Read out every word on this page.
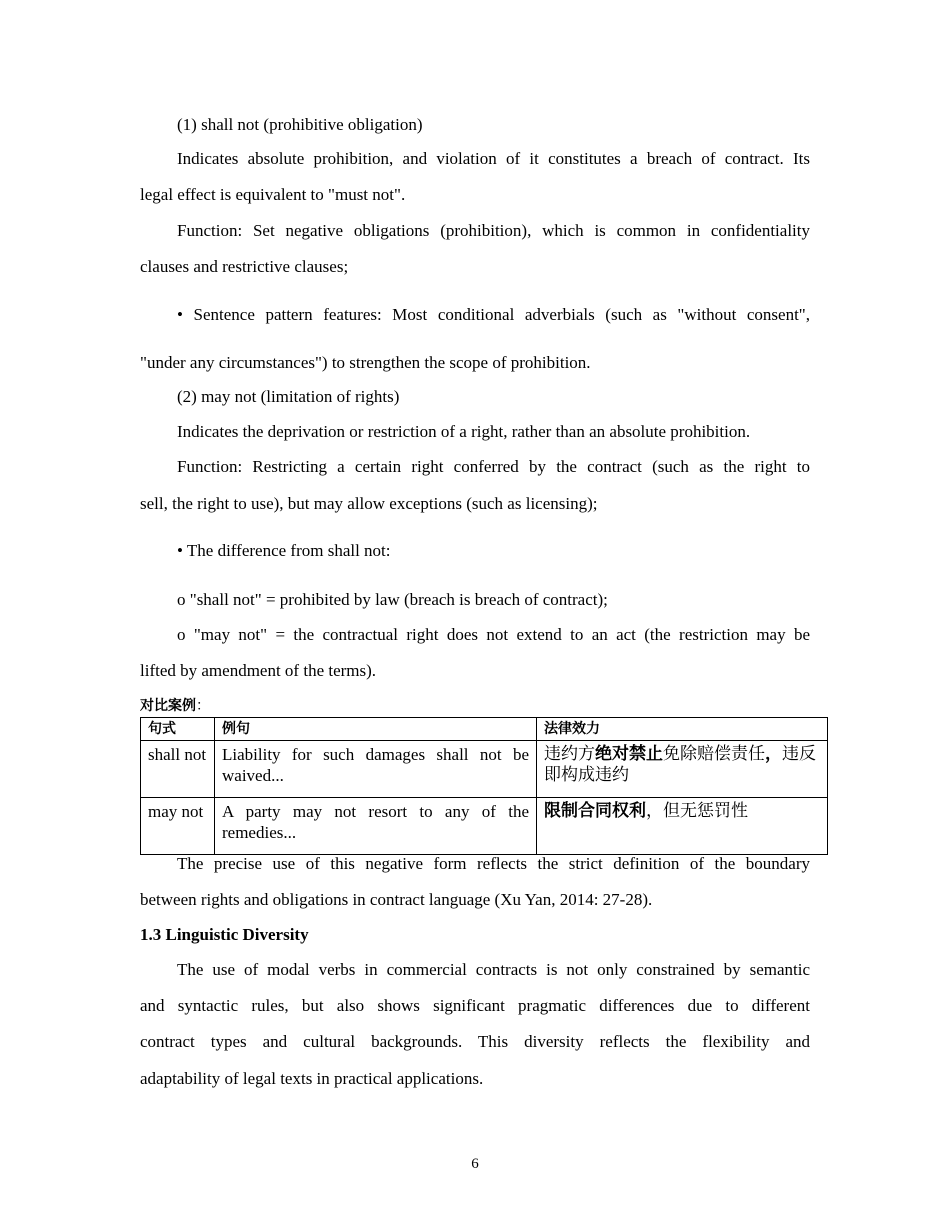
(1) shall not (prohibitive obligation)
Indicates absolute prohibition, and violation of it constitutes a breach of contract. Its
legal effect is equivalent to "must not".
Function: Set negative obligations (prohibition), which is common in confidentiality
clauses and restrictive clauses;
• Sentence pattern features: Most conditional adverbials (such as "without consent",
"under any circumstances") to strengthen the scope of prohibition.
(2) may not (limitation of rights)
Indicates the deprivation or restriction of a right, rather than an absolute prohibition.
Function: Restricting a certain right conferred by the contract (such as the right to
sell, the right to use), but may allow exceptions (such as licensing);
• The difference from shall not:
o "shall not" = prohibited by law (breach is breach of contract);
o "may not" = the contractual right does not extend to an act (the restriction may be
lifted by amendment of the terms).
对比案例：
句式	例句	法律效力
shall not	Liability for such damages shall not be waived...	违约方绝对禁止免除赔偿责任，违反即构成违约
may not	A party may not resort to any of the remedies...	限制合同权利，但无惩罚性
The precise use of this negative form reflects the strict definition of the boundary
between rights and obligations in contract language (Xu Yan, 2014: 27-28).
1.3 Linguistic Diversity
The use of modal verbs in commercial contracts is not only constrained by semantic
and syntactic rules, but also shows significant pragmatic differences due to different
contract types and cultural backgrounds. This diversity reflects the flexibility and
adaptability of legal texts in practical applications.
6
